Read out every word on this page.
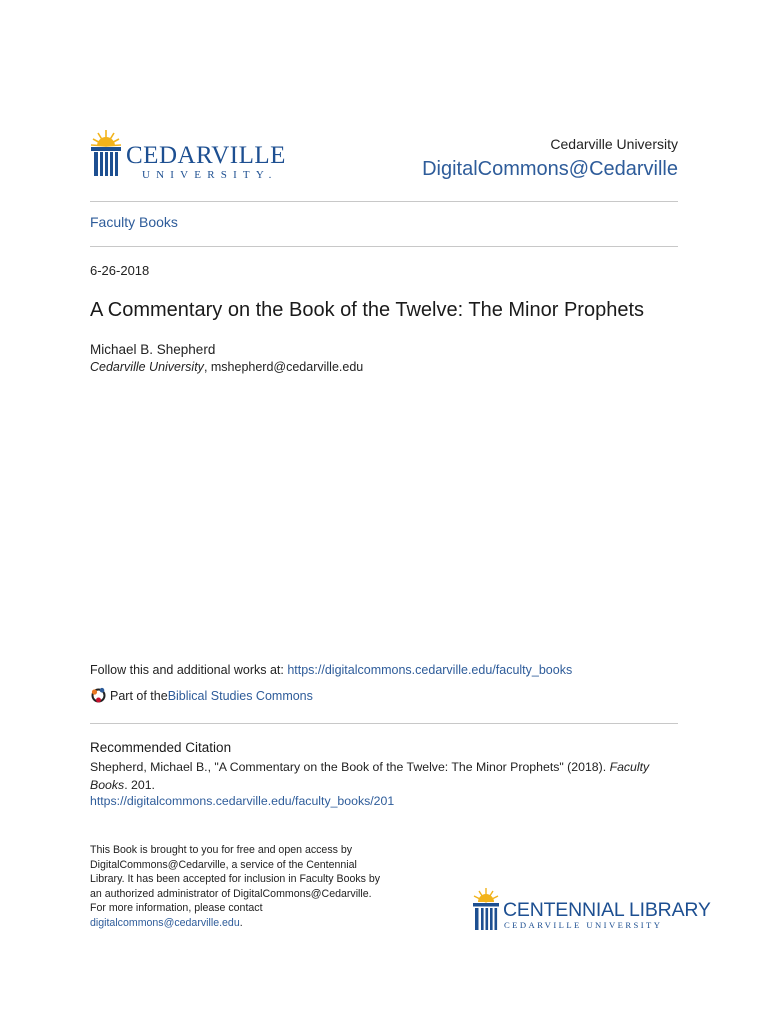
CEDARVILLE
UNIVERSITY.
Cedarville University
DigitalCommons@Cedarville
Faculty Books
6-26-2018
A Commentary on the Book of the Twelve: The Minor Prophets
Michael B. Shepherd
Cedarville University, mshepherd@cedarville.edu
Follow this and additional works at: https://digitalcommons.cedarville.edu/faculty_books
Part of the Biblical Studies Commons
Recommended Citation
Shepherd, Michael B., "A Commentary on the Book of the Twelve: The Minor Prophets" (2018). Faculty Books. 201.
https://digitalcommons.cedarville.edu/faculty_books/201
This Book is brought to you for free and open access by DigitalCommons@Cedarville, a service of the Centennial Library. It has been accepted for inclusion in Faculty Books by an authorized administrator of DigitalCommons@Cedarville. For more information, please contact digitalcommons@cedarville.edu.
CENTENNIAL LIBRARY
CEDARVILLE UNIVERSITY
